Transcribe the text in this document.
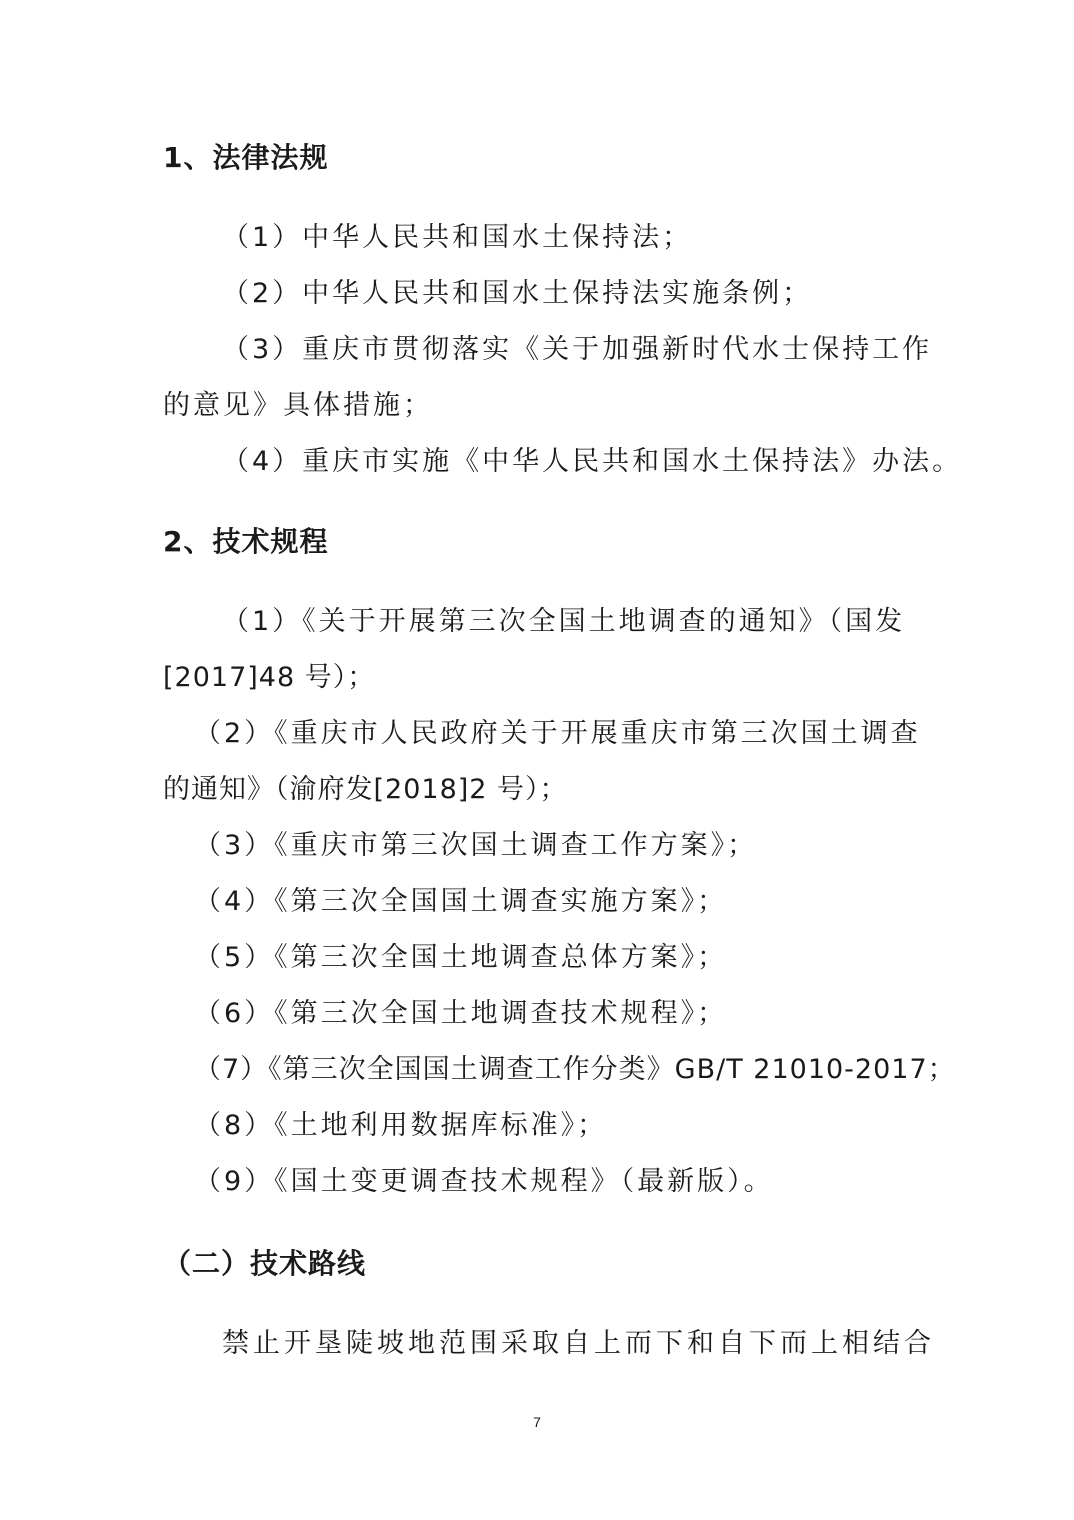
1、法律法规
（1）中华人民共和国水土保持法；
（2）中华人民共和国水土保持法实施条例；
（3）重庆市贯彻落实《关于加强新时代水士保持工作
的意见》具体措施；
（4）重庆市实施《中华人民共和国水土保持法》办法。
2、技术规程
（1）《关于开展第三次全国土地调查的通知》（国发
[2017]48 号）；
（2）《重庆市人民政府关于开展重庆市第三次国土调查
的通知》（渝府发[2018]2 号）；
（3）《重庆市第三次国土调查工作方案》；
（4）《第三次全国国土调查实施方案》；
（5）《第三次全国土地调查总体方案》；
（6）《第三次全国土地调查技术规程》；
（7）《第三次全国国土调查工作分类》GB/T 21010-2017；
（8）《土地利用数据库标准》；
（9）《国土变更调查技术规程》（最新版）。
（二）技术路线
禁止开垦陡坡地范围采取自上而下和自下而上相结合
7
